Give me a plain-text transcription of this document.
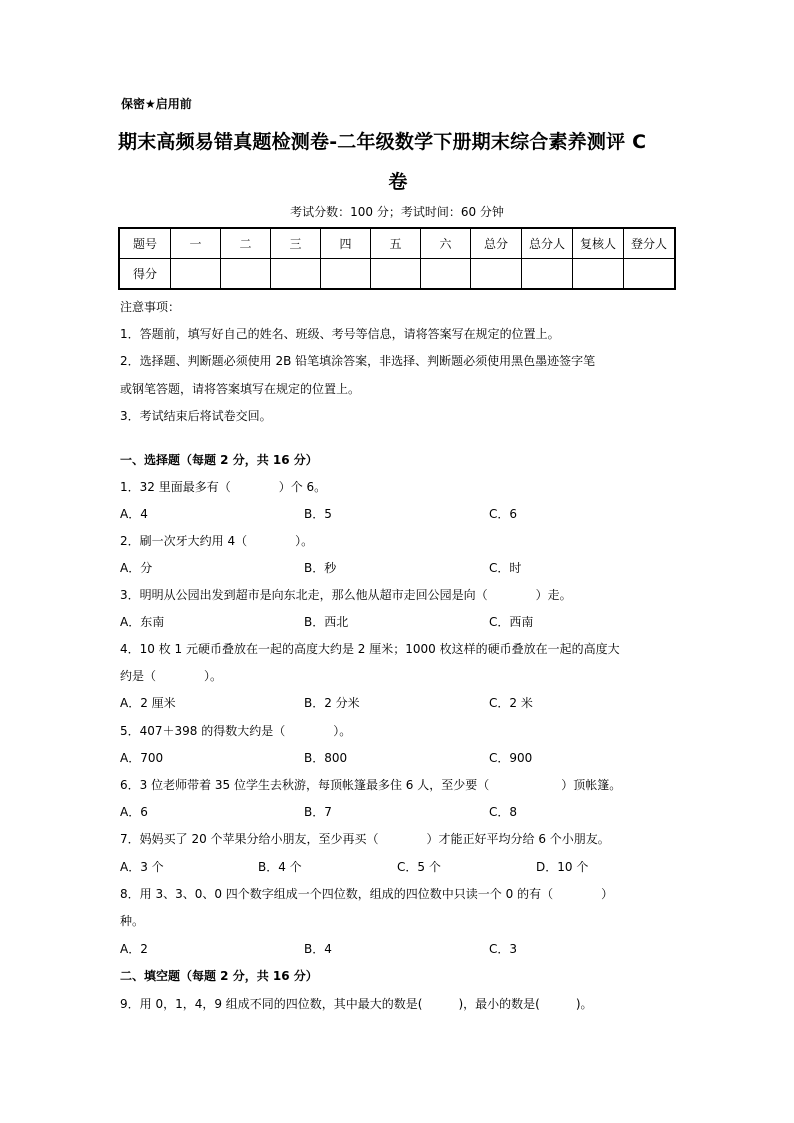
保密★启用前
期末高频易错真题检测卷-二年级数学下册期末综合素养测评 C
卷
考试分数：100 分；考试时间：60 分钟
题号	一	二	三	四	五	六	总分	总分人	复核人	登分人
得分										
注意事项：
1．答题前，填写好自己的姓名、班级、考号等信息，请将答案写在规定的位置上。
2．选择题、判断题必须使用 2B 铅笔填涂答案，非选择、判断题必须使用黑色墨迹签字笔
或钢笔答题，请将答案填写在规定的位置上。
3．考试结束后将试卷交回。
一、选择题（每题 2 分，共 16 分）
1．32 里面最多有（　　　　）个 6。
A．4	B．5	C．6
2．刷一次牙大约用 4（　　　　）。
A．分	B．秒	C．时
3．明明从公园出发到超市是向东北走，那么他从超市走回公园是向（　　　　）走。
A．东南	B．西北	C．西南
4．10 枚 1 元硬币叠放在一起的高度大约是 2 厘米；1000 枚这样的硬币叠放在一起的高度大
约是（　　　　）。
A．2 厘米	B．2 分米	C．2 米
5．407＋398 的得数大约是（　　　　）。
A．700	B．800	C．900
6．3 位老师带着 35 位学生去秋游，每顶帐篷最多住 6 人，至少要（　　　　　　）顶帐篷。
A．6	B．7	C．8
7．妈妈买了 20 个苹果分给小朋友，至少再买（　　　　）才能正好平均分给 6 个小朋友。
A．3 个	B．4 个	C．5 个	D．10 个
8．用 3、3、0、0 四个数字组成一个四位数，组成的四位数中只读一个 0 的有（　　　　）
种。
A．2	B．4	C．3
二、填空题（每题 2 分，共 16 分）
9．用 0，1，4，9 组成不同的四位数，其中最大的数是(　　　)，最小的数是(　　　)。
